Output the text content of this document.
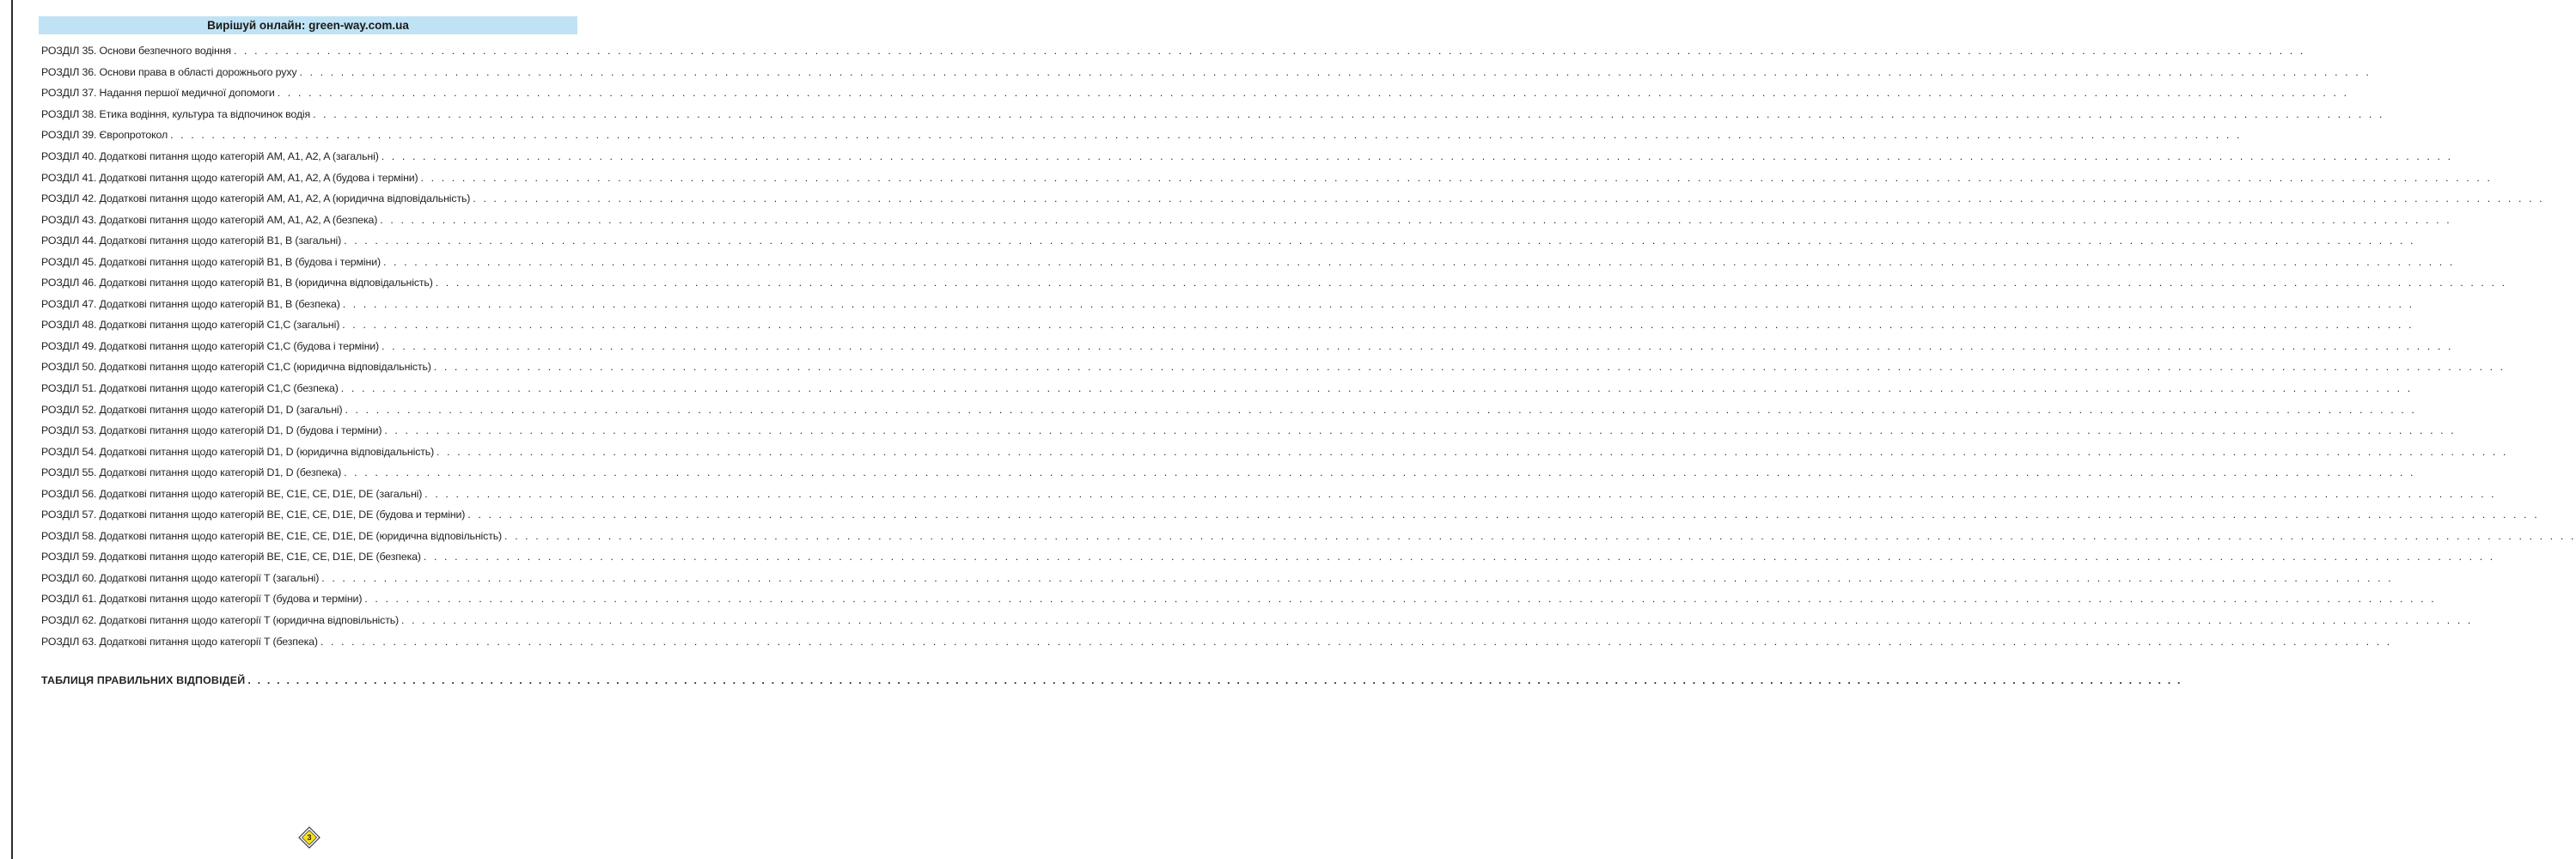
Вирішуй онлайн: green-way.com.ua
РОЗДІЛ 35. Основи безпечного водіння . . . . . . . . . . . . . . . . . . . . . . . . . . . . . . . . . . . . . . . . . . . . . . . . . . . . . . . . . . . . . . . . . . . . . . . . . . . . . . . . . . . . . . . . . . . . . . . . . . . . . . . . . . . . . . . . . . . . . . . . . . . . . . . . . . . . . . . . . . . . . . . . . . . . . . . . . . . . . . . . . . . . . . . . . . . . . . . . . . . . . . . . . . . . . . . . . . . . . . . .
РОЗДІЛ 36. Основи права в області дорожнього руху . . . . . . . . . . . . . . . . . . . . . . . . . . . . . . . . . . . . . . . . . . . . . . . . . . . . . . . . . . . . . . . . . . . . . . . . . . . . . . . . . . . . . . . . . . . . . . . . . . . . . . . . . . . . . . . . . . . . . . . . . . . . . . . . . . . . . . . . . . . . . . . . . . . . . . . . . . . . . . . . . . . . . . . . . . . . . . . . . . . . . . . . . . . . . . . . . . . . . . . .
РОЗДІЛ 37. Надання першої медичної допомоги . . . . . . . . . . . . . . . . . . . . . . . . . . . . . . . . . . . . . . . . . . . . . . . . . . . . . . . . . . . . . . . . . . . . . . . . . . . . . . . . . . . . . . . . . . . . . . . . . . . . . . . . . . . . . . . . . . . . . . . . . . . . . . . . . . . . . . . . . . . . . . . . . . . . . . . . . . . . . . . . . . . . . . . . . . . . . . . . . . . . . . . . . . . . . . . . . . . . . . . .
РОЗДІЛ 38. Етика водіння, культура та відпочинок водія . . . . . . . . . . . . . . . . . . . . . . . . . . . . . . . . . . . . . . . . . . . . . . . . . . . . . . . . . . . . . . . . . . . . . . . . . . . . . . . . . . . . . . . . . . . . . . . . . . . . . . . . . . . . . . . . . . . . . . . . . . . . . . . . . . . . . . . . . . . . . . . . . . . . . . . . . . . . . . . . . . . . . . . . . . . . . . . . . . . . . . . . . . . . . . . . . . . . . . . .
РОЗДІЛ 39. Європротокол . . . . . . . . . . . . . . . . . . . . . . . . . . . . . . . . . . . . . . . . . . . . . . . . . . . . . . . . . . . . . . . . . . . . . . . . . . . . . . . . . . . . . . . . . . . . . . . . . . . . . . . . . . . . . . . . . . . . . . . . . . . . . . . . . . . . . . . . . . . . . . . . . . . . . . . . . . . . . . . . . . . . . . . . . . . . . . . . . . . . . . . . . . . . . . . . . . . . . . . .
РОЗДІЛ 40. Додаткові питання щодо категорій AM, A1, A2, A (загальні) . . . . . . . . . . . . . . . . . . . . . . . . . . . . . . . . . . . . . . . . . . . . . . . . . . . . . . . . . . . . . . . . . . . . . . . . . . . . . . . . . . . . . . . . . . . . . . . . . . . . . . . . . . . . . . . . . . . . . . . . . . . . . . . . . . . . . . . . . . . . . . . . . . . . . . . . . . . . . . . . . . . . . . . . . . . . . . . . . . . . . . . . . . . . . . . . . . . . . . . .
РОЗДІЛ 41. Додаткові питання щодо категорій AM, A1, A2, A (будова і терміни) . . . . . . . . . . . . . . . . . . . . . . . . . . . . . . . . . . . . . . . . . . . . . . . . . . . . . . . . . . . . . . . . . . . . . . . . . . . . . . . . . . . . . . . . . . . . . . . . . . . . . . . . . . . . . . . . . . . . . . . . . . . . . . . . . . . . . . . . . . . . . . . . . . . . . . . . . . . . . . . . . . . . . . . . . . . . . . . . . . . . . . . . . . . . . . . . . . . . . . . .
РОЗДІЛ 42. Додаткові питання щодо категорій AM, A1, A2, A (юридична відповідальність) . . . . . . . . . . . . . . . . . . . . . . . . . . . . . . . . . . . . . . . . . . . . . . . . . . . . . . . . . . . . . . . . . . . . . . . . . . . . . . . . . . . . . . . . . . . . . . . . . . . . . . . . . . . . . . . . . . . . . . . . . . . . . . . . . . . . . . . . . . . . . . . . . . . . . . . . . . . . . . . . . . . . . . . . . . . . . . . . . . . . . . . . . . . . . . . . . . . . . . . .
РОЗДІЛ 43. Додаткові питання щодо категорій AM, A1, A2, A (безпека) . . . . . . . . . . . . . . . . . . . . . . . . . . . . . . . . . . . . . . . . . . . . . . . . . . . . . . . . . . . . . . . . . . . . . . . . . . . . . . . . . . . . . . . . . . . . . . . . . . . . . . . . . . . . . . . . . . . . . . . . . . . . . . . . . . . . . . . . . . . . . . . . . . . . . . . . . . . . . . . . . . . . . . . . . . . . . . . . . . . . . . . . . . . . . . . . . . . . . . . .
РОЗДІЛ 44. Додаткові питання щодо категорій B1, B (загальні) . . . . . . . . . . . . . . . . . . . . . . . . . . . . . . . . . . . . . . . . . . . . . . . . . . . . . . . . . . . . . . . . . . . . . . . . . . . . . . . . . . . . . . . . . . . . . . . . . . . . . . . . . . . . . . . . . . . . . . . . . . . . . . . . . . . . . . . . . . . . . . . . . . . . . . . . . . . . . . . . . . . . . . . . . . . . . . . . . . . . . . . . . . . . . . . . . . . . . . . .
РОЗДІЛ 45. Додаткові питання щодо категорій B1, B (будова і терміни) . . . . . . . . . . . . . . . . . . . . . . . . . . . . . . . . . . . . . . . . . . . . . . . . . . . . . . . . . . . . . . . . . . . . . . . . . . . . . . . . . . . . . . . . . . . . . . . . . . . . . . . . . . . . . . . . . . . . . . . . . . . . . . . . . . . . . . . . . . . . . . . . . . . . . . . . . . . . . . . . . . . . . . . . . . . . . . . . . . . . . . . . . . . . . . . . . . . . . . . .
РОЗДІЛ 46. Додаткові питання щодо категорій B1, B (юридична відповідальність) . . . . . . . . . . . . . . . . . . . . . . . . . . . . . . . . . . . . . . . . . . . . . . . . . . . . . . . . . . . . . . . . . . . . . . . . . . . . . . . . . . . . . . . . . . . . . . . . . . . . . . . . . . . . . . . . . . . . . . . . . . . . . . . . . . . . . . . . . . . . . . . . . . . . . . . . . . . . . . . . . . . . . . . . . . . . . . . . . . . . . . . . . . . . . . . . . . . . . . . .
РОЗДІЛ 47. Додаткові питання щодо категорій B1, B (безпека) . . . . . . . . . . . . . . . . . . . . . . . . . . . . . . . . . . . . . . . . . . . . . . . . . . . . . . . . . . . . . . . . . . . . . . . . . . . . . . . . . . . . . . . . . . . . . . . . . . . . . . . . . . . . . . . . . . . . . . . . . . . . . . . . . . . . . . . . . . . . . . . . . . . . . . . . . . . . . . . . . . . . . . . . . . . . . . . . . . . . . . . . . . . . . . . . . . . . . . . .
РОЗДІЛ 48. Додаткові питання щодо категорій C1,C (загальні) . . . . . . . . . . . . . . . . . . . . . . . . . . . . . . . . . . . . . . . . . . . . . . . . . . . . . . . . . . . . . . . . . . . . . . . . . . . . . . . . . . . . . . . . . . . . . . . . . . . . . . . . . . . . . . . . . . . . . . . . . . . . . . . . . . . . . . . . . . . . . . . . . . . . . . . . . . . . . . . . . . . . . . . . . . . . . . . . . . . . . . . . . . . . . . . . . . . . . . . .
РОЗДІЛ 49. Додаткові питання щодо категорій C1,C (будова і терміни) . . . . . . . . . . . . . . . . . . . . . . . . . . . . . . . . . . . . . . . . . . . . . . . . . . . . . . . . . . . . . . . . . . . . . . . . . . . . . . . . . . . . . . . . . . . . . . . . . . . . . . . . . . . . . . . . . . . . . . . . . . . . . . . . . . . . . . . . . . . . . . . . . . . . . . . . . . . . . . . . . . . . . . . . . . . . . . . . . . . . . . . . . . . . . . . . . . . . . . . .
РОЗДІЛ 50. Додаткові питання щодо категорій C1,C (юридична відповідальність) . . . . . . . . . . . . . . . . . . . . . . . . . . . . . . . . . . . . . . . . . . . . . . . . . . . . . . . . . . . . . . . . . . . . . . . . . . . . . . . . . . . . . . . . . . . . . . . . . . . . . . . . . . . . . . . . . . . . . . . . . . . . . . . . . . . . . . . . . . . . . . . . . . . . . . . . . . . . . . . . . . . . . . . . . . . . . . . . . . . . . . . . . . . . . . . . . . . . . . . .
РОЗДІЛ 51. Додаткові питання щодо категорій C1,C (безпека) . . . . . . . . . . . . . . . . . . . . . . . . . . . . . . . . . . . . . . . . . . . . . . . . . . . . . . . . . . . . . . . . . . . . . . . . . . . . . . . . . . . . . . . . . . . . . . . . . . . . . . . . . . . . . . . . . . . . . . . . . . . . . . . . . . . . . . . . . . . . . . . . . . . . . . . . . . . . . . . . . . . . . . . . . . . . . . . . . . . . . . . . . . . . . . . . . . . . . . . .
РОЗДІЛ 52. Додаткові питання щодо категорій D1, D (загальні) . . . . . . . . . . . . . . . . . . . . . . . . . . . . . . . . . . . . . . . . . . . . . . . . . . . . . . . . . . . . . . . . . . . . . . . . . . . . . . . . . . . . . . . . . . . . . . . . . . . . . . . . . . . . . . . . . . . . . . . . . . . . . . . . . . . . . . . . . . . . . . . . . . . . . . . . . . . . . . . . . . . . . . . . . . . . . . . . . . . . . . . . . . . . . . . . . . . . . . . .
РОЗДІЛ 53. Додаткові питання щодо категорій D1, D (будова і терміни) . . . . . . . . . . . . . . . . . . . . . . . . . . . . . . . . . . . . . . . . . . . . . . . . . . . . . . . . . . . . . . . . . . . . . . . . . . . . . . . . . . . . . . . . . . . . . . . . . . . . . . . . . . . . . . . . . . . . . . . . . . . . . . . . . . . . . . . . . . . . . . . . . . . . . . . . . . . . . . . . . . . . . . . . . . . . . . . . . . . . . . . . . . . . . . . . . . . . . . . .
РОЗДІЛ 54. Додаткові питання щодо категорій D1, D (юридична відповідальність) . . . . . . . . . . . . . . . . . . . . . . . . . . . . . . . . . . . . . . . . . . . . . . . . . . . . . . . . . . . . . . . . . . . . . . . . . . . . . . . . . . . . . . . . . . . . . . . . . . . . . . . . . . . . . . . . . . . . . . . . . . . . . . . . . . . . . . . . . . . . . . . . . . . . . . . . . . . . . . . . . . . . . . . . . . . . . . . . . . . . . . . . . . . . . . . . . . . . . . . .
РОЗДІЛ 55. Додаткові питання щодо категорій D1, D (безпека) . . . . . . . . . . . . . . . . . . . . . . . . . . . . . . . . . . . . . . . . . . . . . . . . . . . . . . . . . . . . . . . . . . . . . . . . . . . . . . . . . . . . . . . . . . . . . . . . . . . . . . . . . . . . . . . . . . . . . . . . . . . . . . . . . . . . . . . . . . . . . . . . . . . . . . . . . . . . . . . . . . . . . . . . . . . . . . . . . . . . . . . . . . . . . . . . . . . . . . . .
РОЗДІЛ 56. Додаткові питання щодо категорій BE, C1E, CE, D1E, DE (загальні) . . . . . . . . . . . . . . . . . . . . . . . . . . . . . . . . . . . . . . . . . . . . . . . . . . . . . . . . . . . . . . . . . . . . . . . . . . . . . . . . . . . . . . . . . . . . . . . . . . . . . . . . . . . . . . . . . . . . . . . . . . . . . . . . . . . . . . . . . . . . . . . . . . . . . . . . . . . . . . . . . . . . . . . . . . . . . . . . . . . . . . . . . . . . . . . . . . . . . . . .
РОЗДІЛ 57. Додаткові питання щодо категорій BE, C1E, CE, D1E, DE (будова и терміни) . . . . . . . . . . . . . . . . . . . . . . . . . . . . . . . . . . . . . . . . . . . . . . . . . . . . . . . . . . . . . . . . . . . . . . . . . . . . . . . . . . . . . . . . . . . . . . . . . . . . . . . . . . . . . . . . . . . . . . . . . . . . . . . . . . . . . . . . . . . . . . . . . . . . . . . . . . . . . . . . . . . . . . . . . . . . . . . . . . . . . . . . . . . . . . . . . . . . . . . .
РОЗДІЛ 58. Додаткові питання щодо категорій BE, C1E, CE, D1E, DE (юридична відповільність) . . . . . . . . . . . . . . . . . . . . . . . . . . . . . . . . . . . . . . . . . . . . . . . . . . . . . . . . . . . . . . . . . . . . . . . . . . . . . . . . . . . . . . . . . . . . . . . . . . . . . . . . . . . . . . . . . . . . . . . . . . . . . . . . . . . . . . . . . . . . . . . . . . . . . . . . . . . . . . . . . . . . . . . . . . . . . . . . . . . . . . . . . . . . . . . . . . . . . . . .
РОЗДІЛ 59. Додаткові питання щодо категорій BE, C1E, CE, D1E, DE (безпека) . . . . . . . . . . . . . . . . . . . . . . . . . . . . . . . . . . . . . . . . . . . . . . . . . . . . . . . . . . . . . . . . . . . . . . . . . . . . . . . . . . . . . . . . . . . . . . . . . . . . . . . . . . . . . . . . . . . . . . . . . . . . . . . . . . . . . . . . . . . . . . . . . . . . . . . . . . . . . . . . . . . . . . . . . . . . . . . . . . . . . . . . . . . . . . . . . . . . . . . .
РОЗДІЛ 60. Додаткові питання щодо категорії T (загальні) . . . . . . . . . . . . . . . . . . . . . . . . . . . . . . . . . . . . . . . . . . . . . . . . . . . . . . . . . . . . . . . . . . . . . . . . . . . . . . . . . . . . . . . . . . . . . . . . . . . . . . . . . . . . . . . . . . . . . . . . . . . . . . . . . . . . . . . . . . . . . . . . . . . . . . . . . . . . . . . . . . . . . . . . . . . . . . . . . . . . . . . . . . . . . . . . . . . . . . . .
РОЗДІЛ 61. Додаткові питання щодо категорії T (будова и терміни) . . . . . . . . . . . . . . . . . . . . . . . . . . . . . . . . . . . . . . . . . . . . . . . . . . . . . . . . . . . . . . . . . . . . . . . . . . . . . . . . . . . . . . . . . . . . . . . . . . . . . . . . . . . . . . . . . . . . . . . . . . . . . . . . . . . . . . . . . . . . . . . . . . . . . . . . . . . . . . . . . . . . . . . . . . . . . . . . . . . . . . . . . . . . . . . . . . . . . . . .
РОЗДІЛ 62. Додаткові питання щодо категорії T (юридична відповільність) . . . . . . . . . . . . . . . . . . . . . . . . . . . . . . . . . . . . . . . . . . . . . . . . . . . . . . . . . . . . . . . . . . . . . . . . . . . . . . . . . . . . . . . . . . . . . . . . . . . . . . . . . . . . . . . . . . . . . . . . . . . . . . . . . . . . . . . . . . . . . . . . . . . . . . . . . . . . . . . . . . . . . . . . . . . . . . . . . . . . . . . . . . . . . . . . . . . . . . . .
РОЗДІЛ 63. Додаткові питання щодо категорії T (безпека) . . . . . . . . . . . . . . . . . . . . . . . . . . . . . . . . . . . . . . . . . . . . . . . . . . . . . . . . . . . . . . . . . . . . . . . . . . . . . . . . . . . . . . . . . . . . . . . . . . . . . . . . . . . . . . . . . . . . . . . . . . . . . . . . . . . . . . . . . . . . . . . . . . . . . . . . . . . . . . . . . . . . . . . . . . . . . . . . . . . . . . . . . . . . . . . . . . . . . . . .
ТАБЛИЦЯ ПРАВИЛЬНИХ ВІДПОВІДЕЙ . . . . . . . . . . . . . . . . . . . . . . . . . . . . . . . . . . . . . . . . . . . . . . . . . . . . . . . . . . . . . . . . . . . . . . . . . . . . . . . . . . . . . . . . . . . . . . . . . . . . . . . . . . . . . . . . . . . . . . . . . . . . . . . . . . . . . . . . . . . . . . . . . . . . . . . . . . . . . . . . . . . . . . . . . . . . . . . . . . . . . . . . . . . . . . . . . . . . . . . .
3
